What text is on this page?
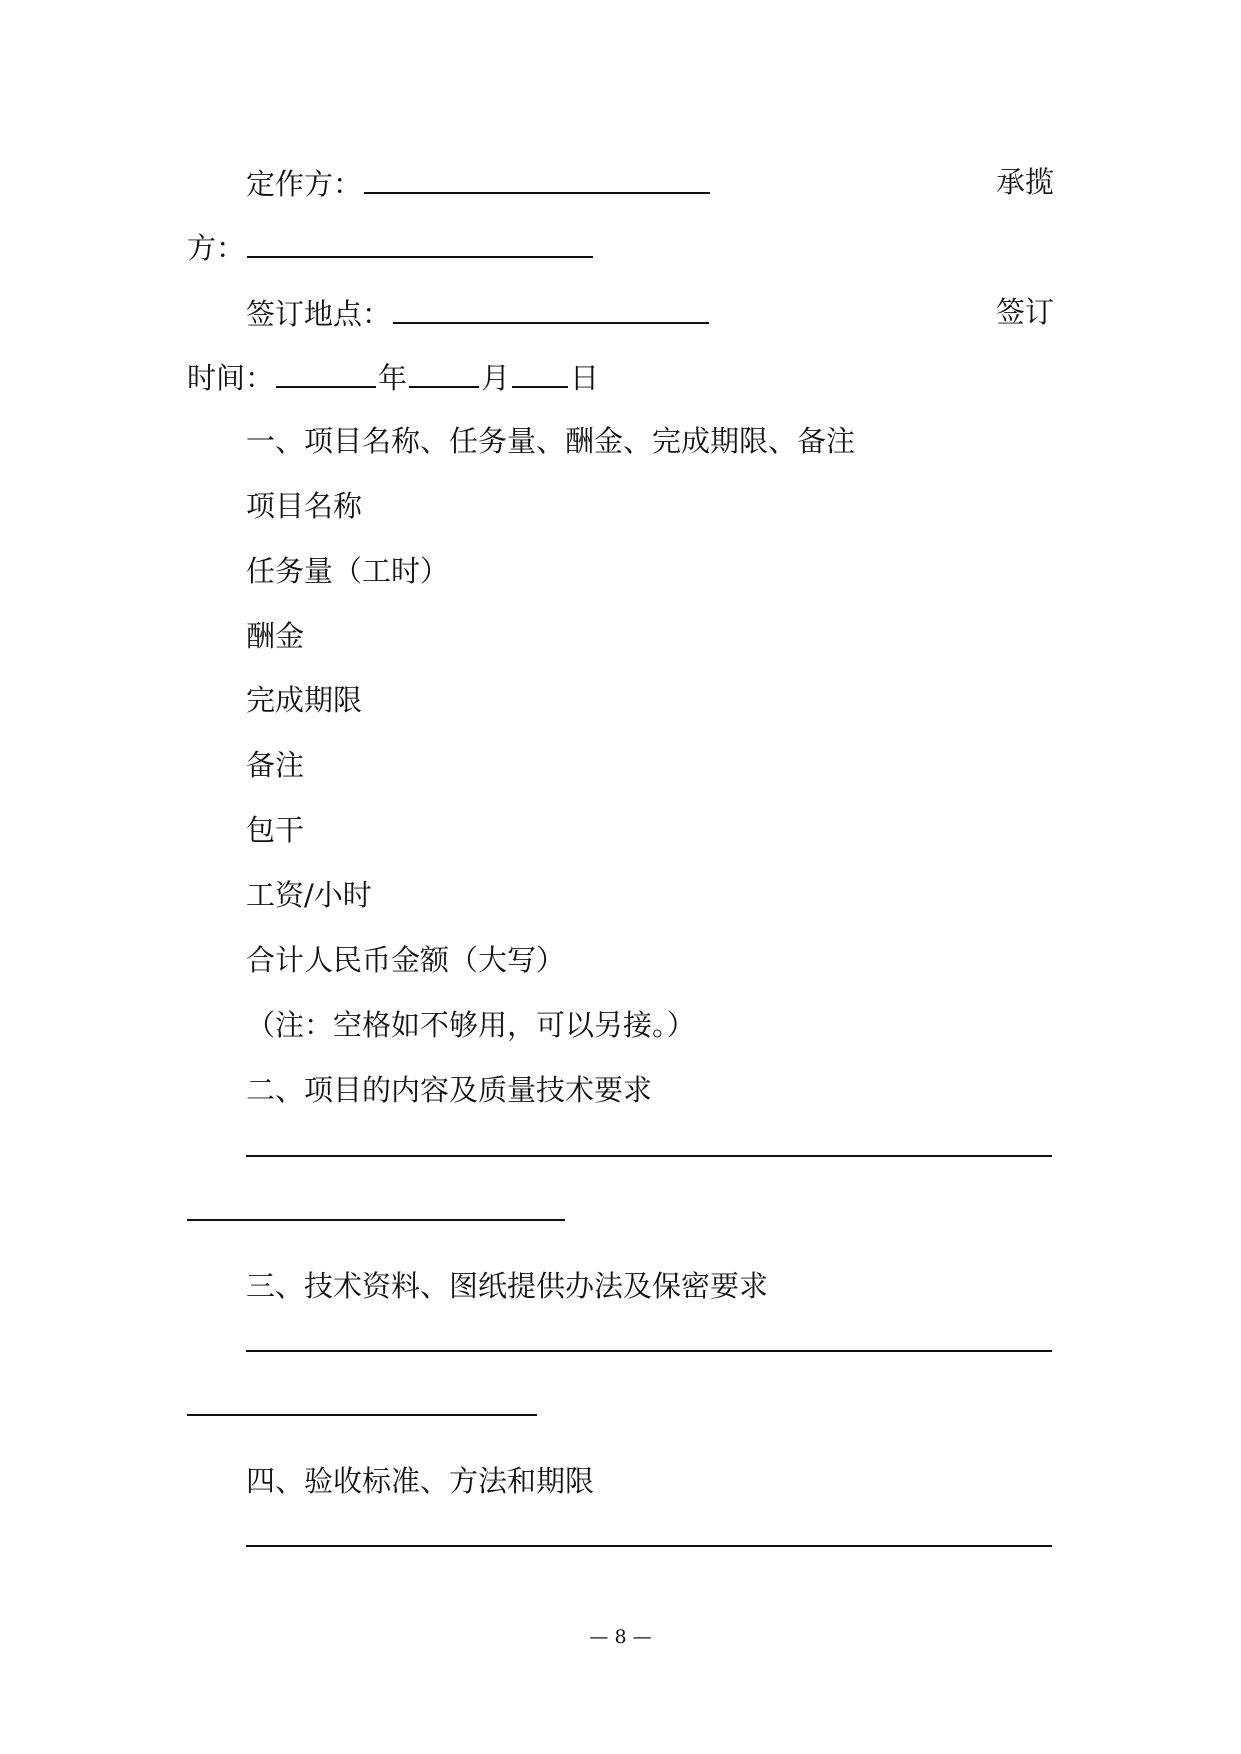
定作方：	承揽
方：
签订地点：	签订
时间：	年	月 日
一、项目名称、任务量、酬金、完成期限、备注
项目名称
任务量（工时）
酬金
完成期限
备注
包干
工资/小时
合计人民币金额（大写）
（注：空格如不够用，可以另接。）
二、项目的内容及质量技术要求
三、技术资料、图纸提供办法及保密要求
四、验收标准、方法和期限
— 8 —
